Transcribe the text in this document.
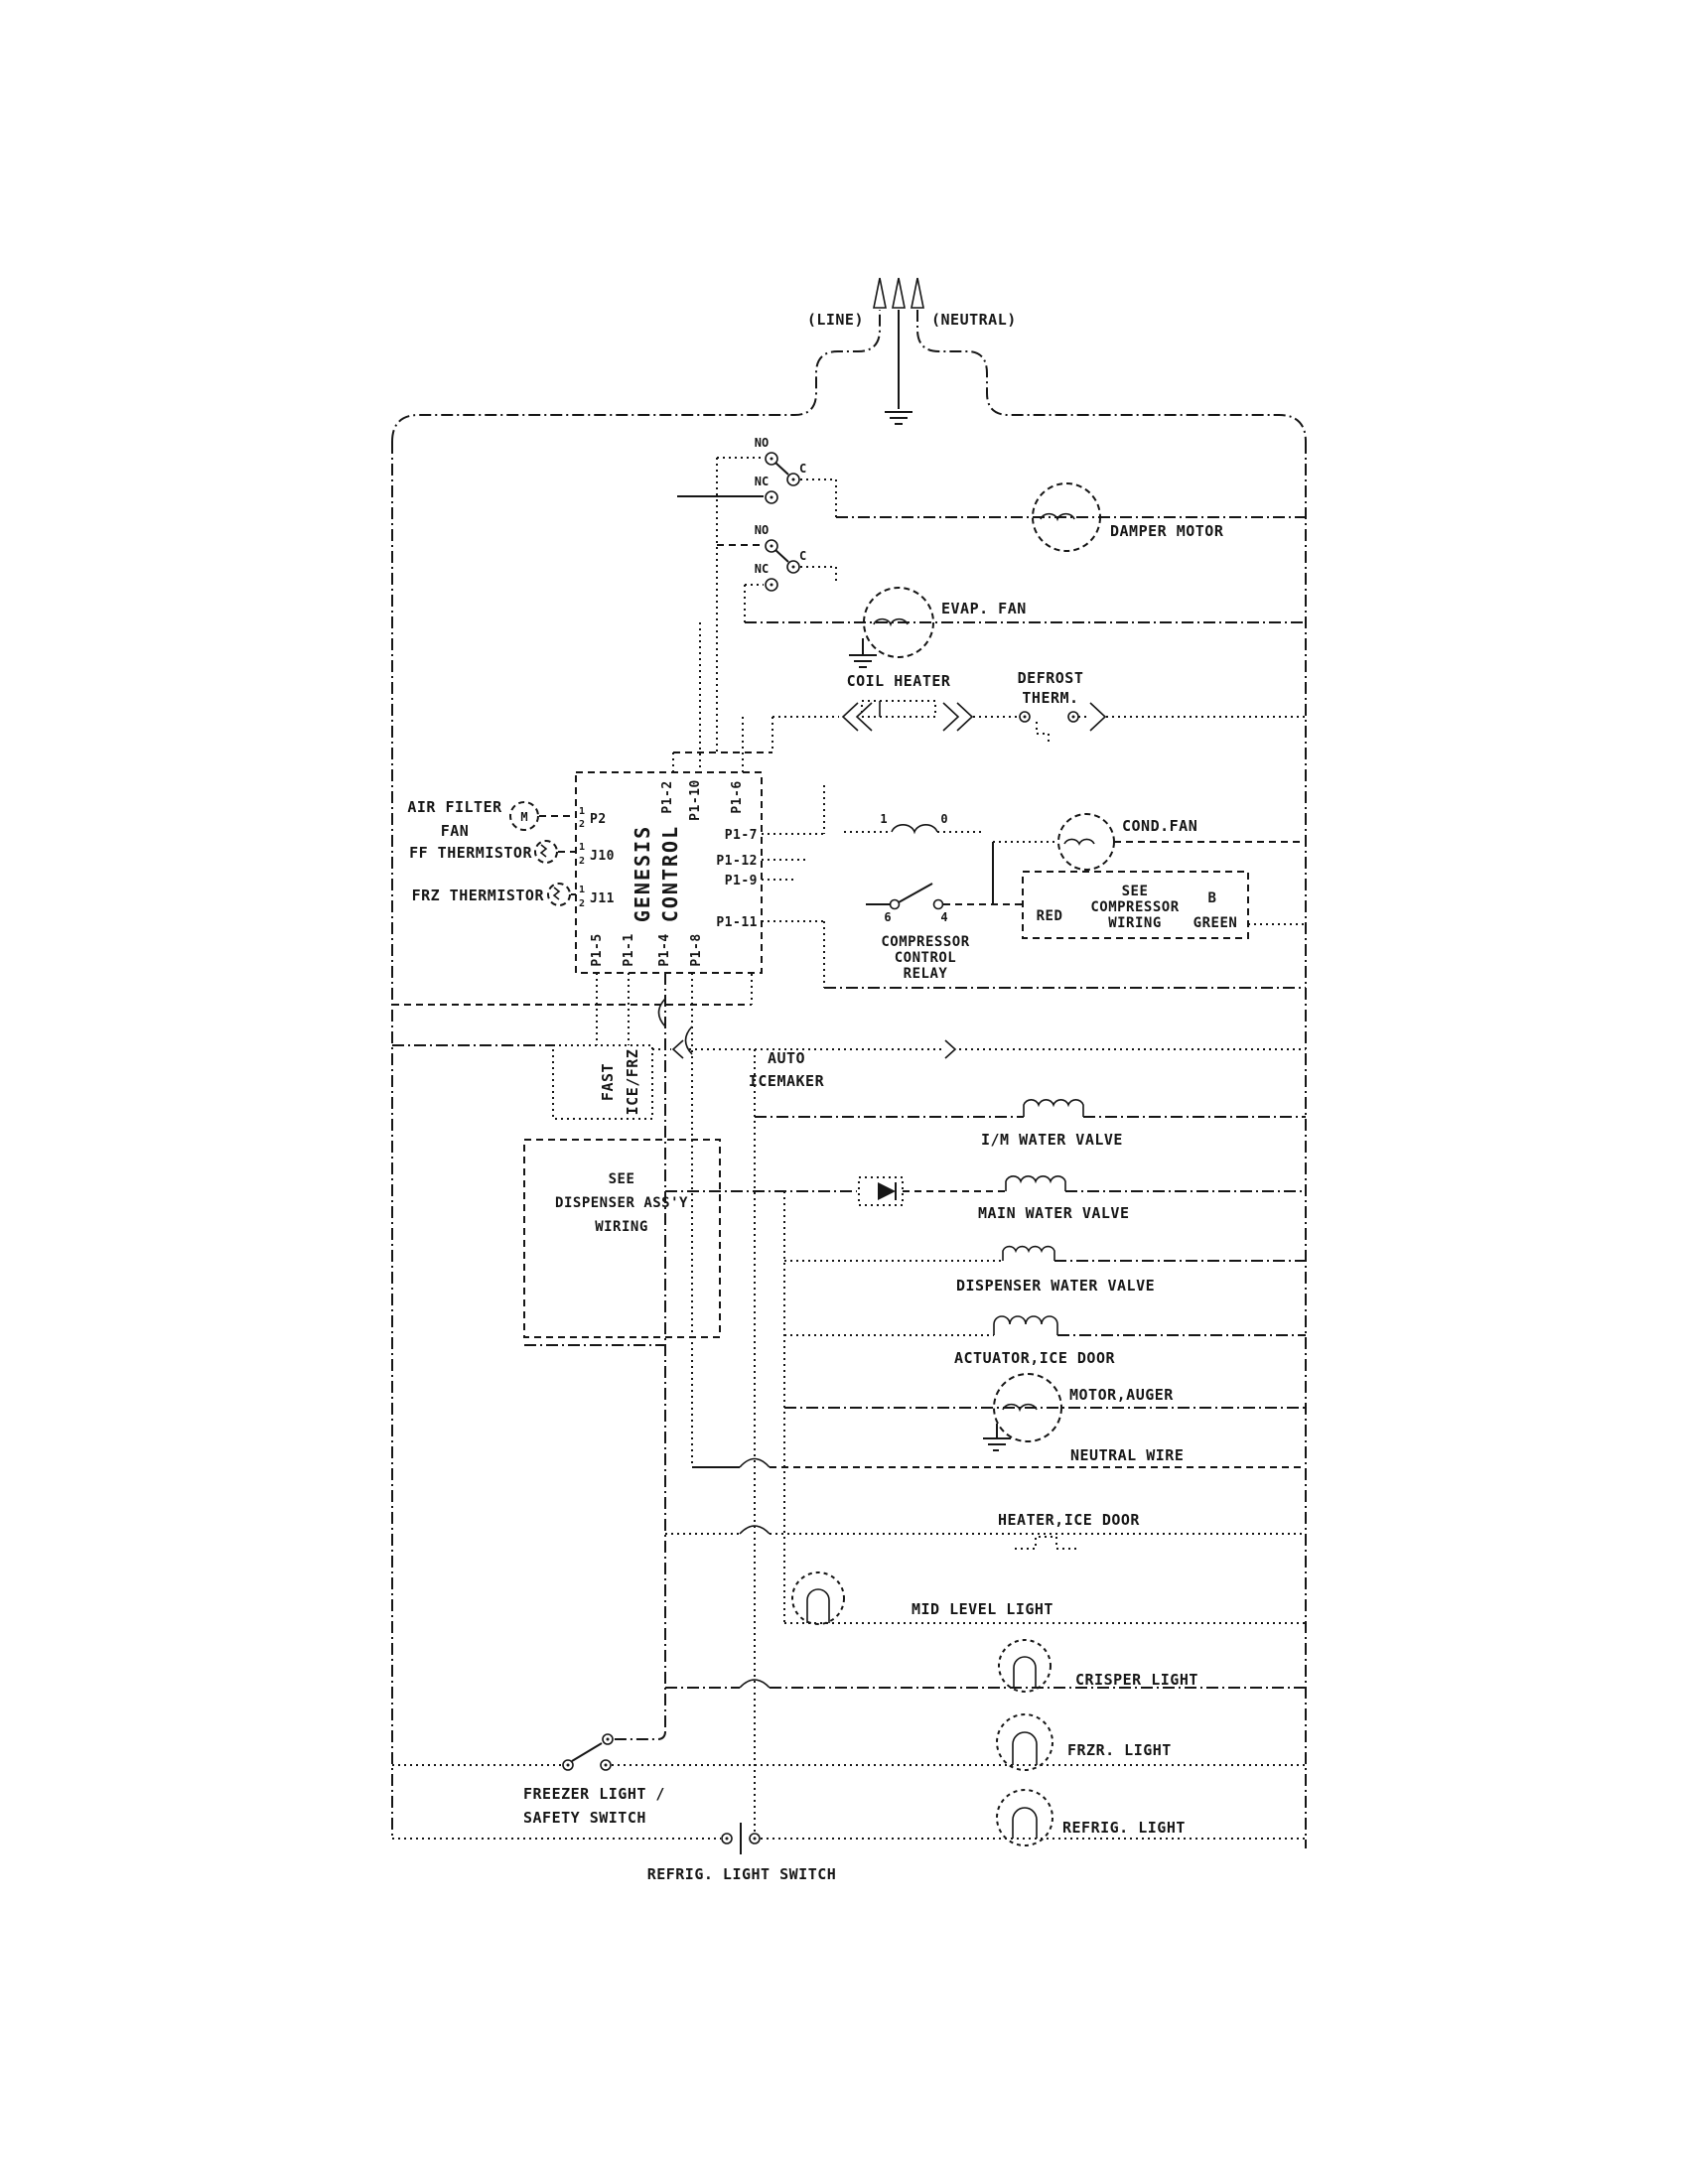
(LINE)	(NEUTRAL)
NO
C
NC
NO
C
NC
DAMPER MOTOR
EVAP. FAN
COIL HEATER	DEFROST
THERM.
GENESIS CONTROL
P1-2 P1-10 P1-6
P1-7
P1-12
P1-9
P1-11
P1-5 P1-1 P1-4 P1-8
1
2 P2
1
2 J10
1
2 J11
AIR FILTER
FAN
M
FF THERMISTOR
FRZ THERMISTOR
1	0
6	4
COMPRESSOR
CONTROL
RELAY
COND.FAN
SEE
COMPRESSOR
WIRING
RED
B
GREEN
FAST ICE/FRZ	AUTO
ICEMAKER
SEE
DISPENSER ASS'Y
WIRING
I/M WATER VALVE
MAIN WATER VALVE
DISPENSER WATER VALVE
ACTUATOR,ICE DOOR
MOTOR,AUGER
NEUTRAL WIRE
HEATER,ICE DOOR
MID LEVEL LIGHT
CRISPER LIGHT
FRZR. LIGHT
FREEZER LIGHT /
SAFETY SWITCH
REFRIG. LIGHT
REFRIG. LIGHT SWITCH
